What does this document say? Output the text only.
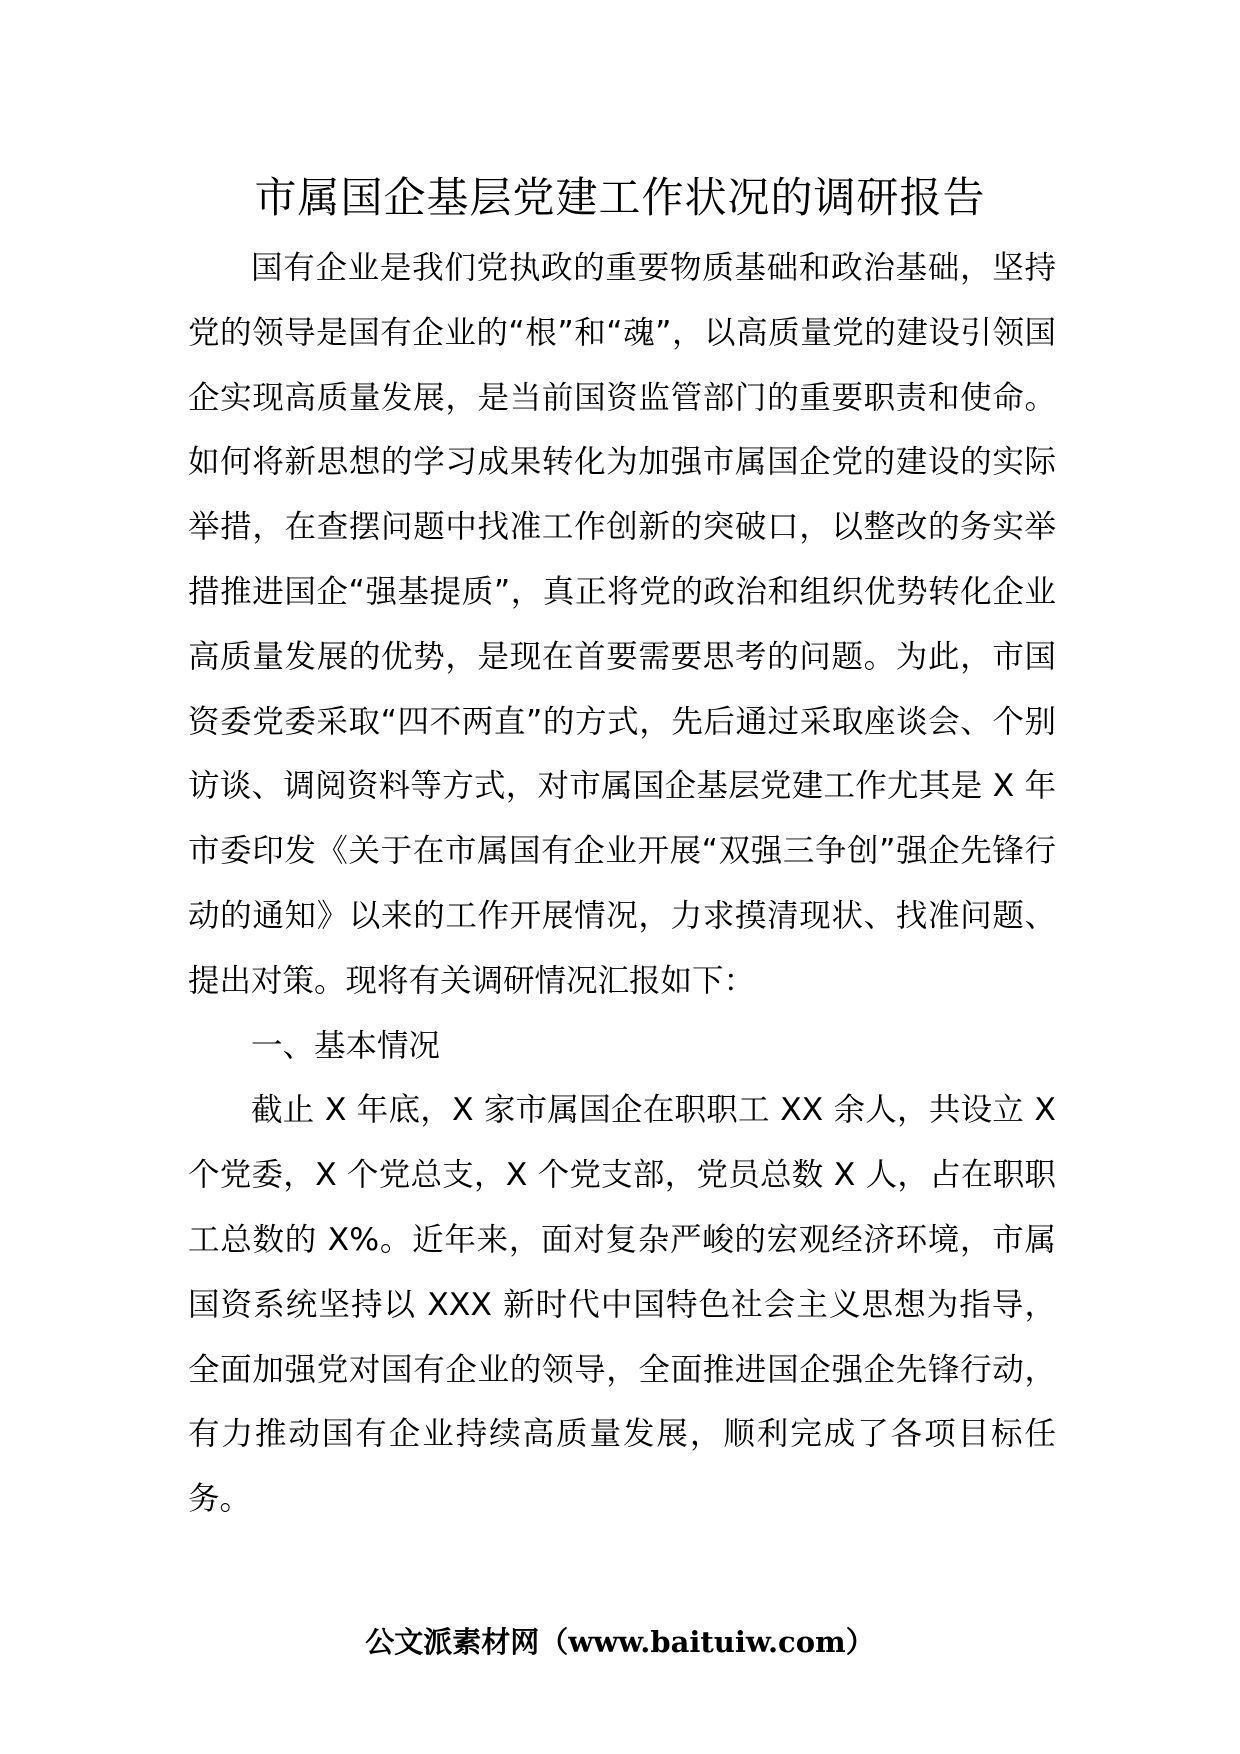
市属国企基层党建工作状况的调研报告

国有企业是我们党执政的重要物质基础和政治基础，坚持党的领导是国有企业的“根”和“魂”，以高质量党的建设引领国企实现高质量发展，是当前国资监管部门的重要职责和使命。如何将新思想的学习成果转化为加强市属国企党的建设的实际举措，在查摆问题中找准工作创新的突破口，以整改的务实举措推进国企“强基提质”，真正将党的政治和组织优势转化企业高质量发展的优势，是现在首要需要思考的问题。为此，市国资委党委采取“四不两直”的方式，先后通过采取座谈会、个别访谈、调阅资料等方式，对市属国企基层党建工作尤其是 X 年市委印发《关于在市属国有企业开展“双强三争创”强企先锋行动的通知》以来的工作开展情况，力求摸清现状、找准问题、提出对策。现将有关调研情况汇报如下：

一、基本情况

截止 X 年底，X 家市属国企在职职工 XX 余人，共设立 X 个党委，X 个党总支，X 个党支部，党员总数 X 人，占在职职工总数的 X%。近年来，面对复杂严峻的宏观经济环境，市属国资系统坚持以 XXX 新时代中国特色社会主义思想为指导，全面加强党对国有企业的领导，全面推进国企强企先锋行动，有力推动国有企业持续高质量发展，顺利完成了各项目标任务。

公文派素材网（www.baituiw.com）
